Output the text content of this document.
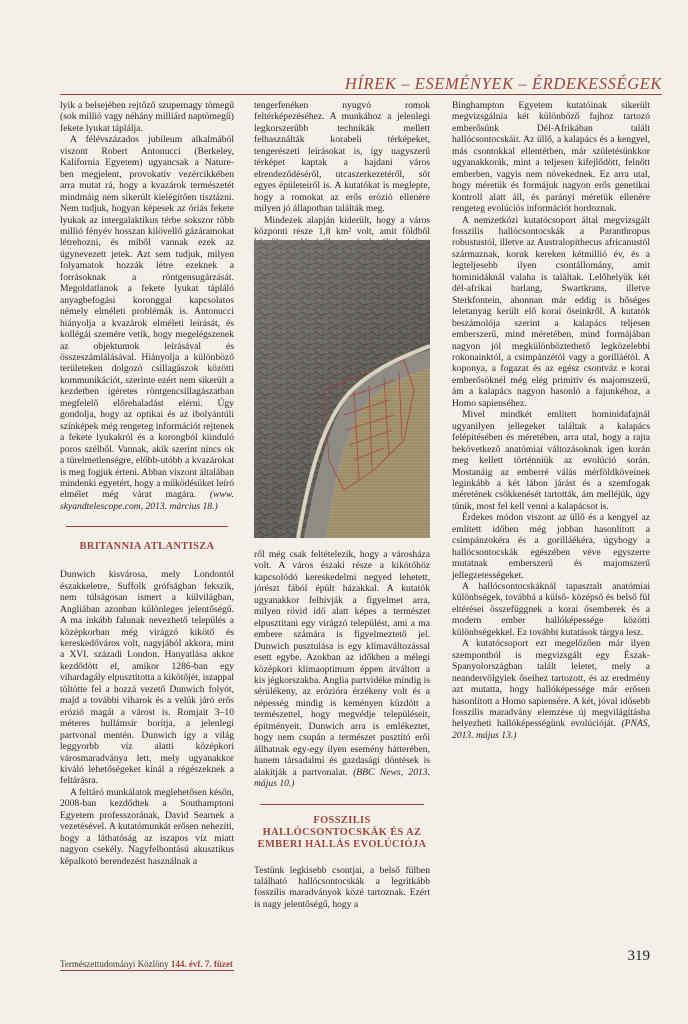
HÍREK – ESEMÉNYEK – ÉRDEKESSÉGEK

lyik a belsejében rejtőző szupernagy tömegű (sok millió vagy néhány milliárd naptömegű) fekete lyukat táplálja.

A félévszázados jubileum alkalmából viszont Robert Antonucci (Berkeley, Kalifornia Egyetem) ugyancsak a Nature-ben megjelent, provokatív vezércikkében arra mutat rá, hogy a kvazárok természetét mindmáig nem sikerült kielégítően tisztázni. Nem tudjuk, hogyan képesek az óriás fekete lyukak az intergalaktikus térbe sokszor több millió fényév hosszan kilövellő gázáramokat létrehozni, és miből vannak ezek az úgynevezett jetek. Azt sem tudjuk, milyen folyamatok hozzák létre ezeknek a forrásoknak a röntgensugárzását. Megoldatlanok a fekete lyukat tápláló anyagbefogási koronggal kapcsolatos némely elméleti problémák is. Antonucci hiányolja a kvazárok elméleti leírását, és kollégái szemére vetik, hogy megelégszenek az objektumok leírásával és összeszámlálásával. Hiányolja a különböző területeken dolgozó csillagászok közötti kommunikációt, szerinte ezért nem sikerült a kezdetben ígéretes röntgencsillagászatban megfelelő előrehaladást elérni. Úgy gondolja, hogy az optikai és az ibolyántúli színképek még rengeteg információt rejtenek a fekete lyukakról és a korongból kiinduló poros szélből. Vannak, akik szerint nincs ok a türelmetlenségre, előbb-utóbb a kvazárokat is meg fogjuk érteni. Abban viszont általában mindenki egyetért, hogy a működésüket leíró elmélet még várat magára. (www. skyandtelescope.com, 2013. március 18.)

BRITANNIA ATLANTISZA

Dunwich kisvárosa, mely Londontól északkeletre, Suffolk grófságban fekszik, nem túlságosan ismert a külvilágban, Angliában azonban különleges jelentőségű. A ma inkább falunak nevezhető település a középkorban még virágzó kikötő és kereskedőváros volt, nagyjából akkora, mint a XVI. századi London. Hanyatlása akkor kezdődött el, amikor 1286-ban egy vihardagály elpusztította a kikötőjét, iszappal töltötte fel a hozzá vezető Dunwich folyót, majd a további viharok és a velük járó erős erózió magát a várost is. Romjait 3–10 méteres hullámsír borítja, a jelenlegi partvonal mentén. Dunwich így a világ leggyorbb víz alatti középkori városmaradványa lett, mely ugyanakkor kiváló lehetőségeket kínál a régészeknek a feltárásra.

A feltáró munkálatok meglehetősen későn, 2008-ban kezdődtek a Southamptoni Egyetem professzorának, David Searnek a vezetésével. A kutatómunkát erősen nehezíti, hogy a láthatóság az iszapos víz miatt nagyon csekély. Nagyfelbontású akusztikus képalkotó berendezést használnak a

tengerfenéken nyugvó romok feltérképezéséhez. A munkához a jelenlegi legkorszerűbb technikák mellett felhasználták korabeli térképeket, tengerészeti leírásokat is, így nagyszerű térképet kaptak a hajdani város elrendeződéséről, utcaszerkezetéről, sőt egyes épületeiről is. A kutatókat is meglepte, hogy a romokat az erős erózió ellenére milyen jó állapotban találták meg.

Mindezek alapján kiderült, hogy a város központi része 1,8 km² volt, amit földből

ről még csak feltételezik, hogy a városháza volt. A város északi része a kikötőhöz kapcsolódó kereskedelmi negyed lehetett, jórészt fából épült házakkal. A kutatók ugyanakkor felhívják a figyelmet arra, milyen rövid idő alatt képes a természet elpusztítani egy virágzó települést, ami a ma embere számára is figyelmeztető jel. Dunwich pusztulása is egy klímaváltozással esett egybe. Azokban az időkben a mélegi középkori klímaoptimum éppen átváltott a kis jégkorszakba. Anglia partvidéke mindig is sérülékeny, az erózióra érzékeny volt és a népesség mindig is keményen küzdött a természettel, hogy megvédje településeit, építményeit. Dunwich arra is emlékeztet, hogy nem csupán a természet pusztító erői állhatnak egy-egy ilyen esemény hátterében, hanem társadalmi és gazdasági döntések is alakítják a partvonalat. (BBC News, 2013. május 10.)

FOSSZILIS HALLÓCSONTOCSKÁK ÉS AZ EMBERI HALLÁS EVOLÚCIÓJA

Testünk legkisebb csontjai, a belső fülben található hallócsontocskák a legritkább fosszilis maradványok közé tartoznak. Ezért is nagy jelentőségű, hogy a

Binghampton Egyetem kutatóinak sikerült megvizsgálnia két különböző fajhoz tartozó emberősünk Dél-Afrikában talált hallócsontocskáit. Az üllő, a kalapács és a kengyel, más csontokkal ellentétben, már születésünkkor ugyanakkorák, mint a teljesen kifejlődött, felnőtt emberben, vagyis nem növekednek. Ez arra utal, hogy méretük és formájuk nagyon erős genetikai kontroll alatt áll, és parányi méretük ellenére rengeteg evolúciós információt hordoznak.

A nemzetközi kutatócsoport által megvizsgált fosszilis hallócsontocskák a Paranthropus robustustól, illetve az Australopithecus africanustól származnak, koruk kereken kétmillió év, és a legteljesebb ilyen csontállomány, amit hominidáknál valaha is találtak. Lelőhelyük két dél-afrikai barlang, Swartkrans, illetve Sterkfontein, ahonnan már eddig is bőséges leletanyag került elő korai őseinkről. A kutatók beszámolója szerint a kalapács teljesen emberszerű, mind méretében, mind formájában nagyon jól megkülönböztethető legközelebbi rokonainktól, a csimpánzétól vagy a gorilláétól. A koponya, a fogazat és az egész csontváz e korai emberősöknél még elég primitív és majomszerű, ám a kalapács nagyon hasonló a fajunkéhoz, a Homo sapienséhez.

Mivel mindkét említett hominidafajnál ugyanilyen jellegeket találtak a kalapács felépítésében és méretében, arra utal, hogy a rajta bekövetkező anatómiai változásoknak igen korán meg kellett történniük az evolúció során. Mostanáig az emberré válás mérföldköveinek leginkább a két lábon járást és a szemfogak méretének csökkenését tartották, ám melléjük, úgy tűnik, most fel kell venni a kalapácsot is.

Érdekes módon viszont az üllő és a kengyel az említett időben még jobban hasonlított a csimpánzokéra és a gorilláékéra, úgyhogy a hallócsontocskák egészében véve egyszerre mutatnak emberszerű és majomszerű jellegzetességeket.

A hallócsontocskáknál tapasztalt anatómiai különbségek, továbbá a külső- középső és belső fül eltérései összefüggnek a korai ősemberek és a modern ember hallóképessége közötti különbségekkel. Ez további kutatások tárgya lesz.

A kutatócsoport ezt megelőzően már ilyen szempontból is megvizsgált egy Észak-Spanyolországban talált leletet, mely a neandervölgyiek őseihez tartozott, és az eredmény azt mutatta, hogy hallóképessége már erősen hasonlított a Homo sapiensére. A két, jóval idősebb fosszilis maradvány elemzése új megvilágításba helyezheti hallóképességünk evolúcióját. (PNAS, 2013. május 13.)

Természettudományi Közlöny 144. évf. 7. füzet	319
